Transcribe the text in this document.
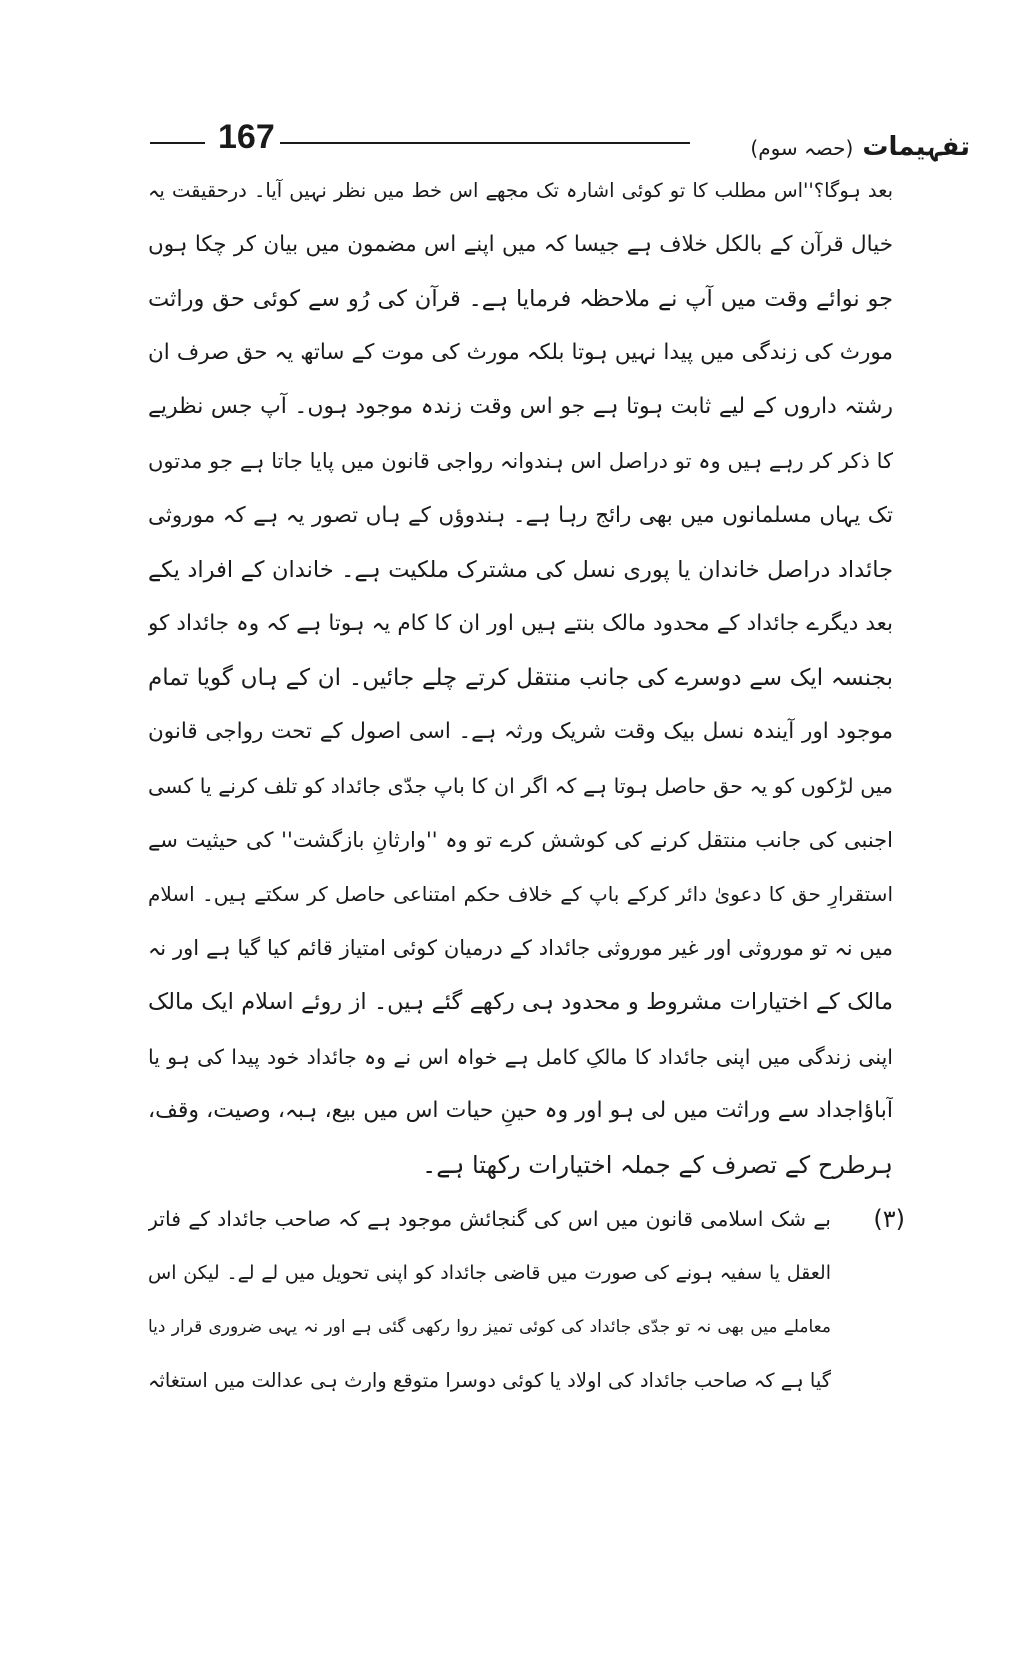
تفہیمات (حصہ سوم)
167
بعد ہوگا؟''اس مطلب کا تو کوئی اشارہ تک مجھے اس خط میں نظر نہیں آیا۔ درحقیقت یہ
خیال قرآن کے بالکل خلاف ہے جیسا کہ میں اپنے اس مضمون میں بیان کر چکا ہوں
جو نوائے وقت میں آپ نے ملاحظہ فرمایا ہے۔ قرآن کی رُو سے کوئی حق وراثت
مورث کی زندگی میں پیدا نہیں ہوتا بلکہ مورث کی موت کے ساتھ یہ حق صرف ان
رشتہ داروں کے لیے ثابت ہوتا ہے جو اس وقت زندہ موجود ہوں۔ آپ جس نظریے
کا ذکر کر رہے ہیں وہ تو دراصل اس ہندوانہ رواجی قانون میں پایا جاتا ہے جو مدتوں
تک یہاں مسلمانوں میں بھی رائج رہا ہے۔ ہندوؤں کے ہاں تصور یہ ہے کہ موروثی
جائداد دراصل خاندان یا پوری نسل کی مشترک ملکیت ہے۔ خاندان کے افراد یکے
بعد دیگرے جائداد کے محدود مالک بنتے ہیں اور ان کا کام یہ ہوتا ہے کہ وہ جائداد کو
بجنسہ ایک سے دوسرے کی جانب منتقل کرتے چلے جائیں۔ ان کے ہاں گویا تمام
موجود اور آیندہ نسل بیک وقت شریک ورثہ ہے۔ اسی اصول کے تحت رواجی قانون
میں لڑکوں کو یہ حق حاصل ہوتا ہے کہ اگر ان کا باپ جدّی جائداد کو تلف کرنے یا کسی
اجنبی کی جانب منتقل کرنے کی کوشش کرے تو وہ ''وارثانِ بازگشت'' کی حیثیت سے
استقرارِ حق کا دعویٰ دائر کرکے باپ کے خلاف حکم امتناعی حاصل کر سکتے ہیں۔ اسلام
میں نہ تو موروثی اور غیر موروثی جائداد کے درمیان کوئی امتیاز قائم کیا گیا ہے اور نہ
مالک کے اختیارات مشروط و محدود ہی رکھے گئے ہیں۔ از روئے اسلام ایک مالک
اپنی زندگی میں اپنی جائداد کا مالکِ کامل ہے خواہ اس نے وہ جائداد خود پیدا کی ہو یا
آباؤاجداد سے وراثت میں لی ہو اور وہ حینِ حیات اس میں بیع، ہبہ، وصیت، وقف،
ہرطرح کے تصرف کے جملہ اختیارات رکھتا ہے۔
(۳)
بے شک اسلامی قانون میں اس کی گنجائش موجود ہے کہ صاحب جائداد کے فاتر
العقل یا سفیہ ہونے کی صورت میں قاضی جائداد کو اپنی تحویل میں لے لے۔ لیکن اس
معاملے میں بھی نہ تو جدّی جائداد کی کوئی تمیز روا رکھی گئی ہے اور نہ یہی ضروری قرار دیا
گیا ہے کہ صاحب جائداد کی اولاد یا کوئی دوسرا متوقع وارث ہی عدالت میں استغاثہ
